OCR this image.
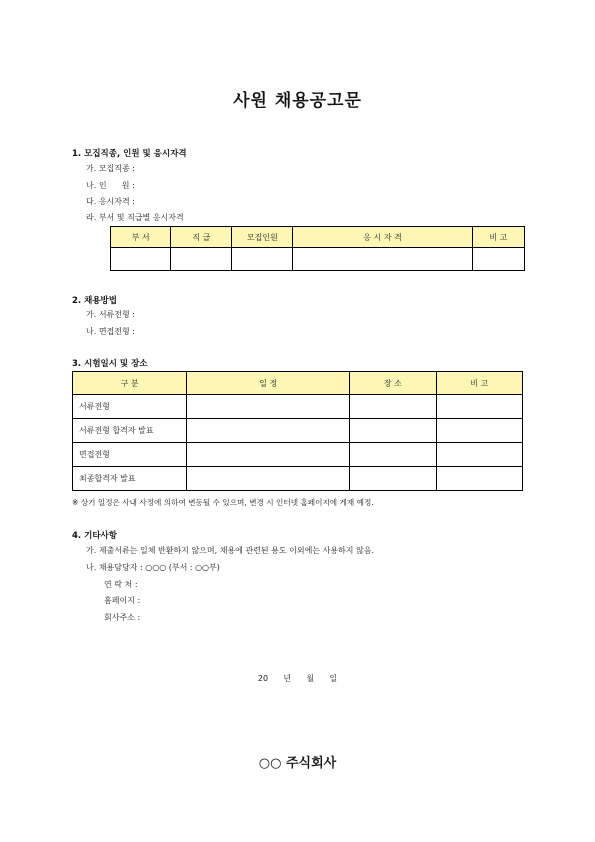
사원 채용공고문
1. 모집직종, 인원 및 응시자격
가. 모집직종 :
나. 인      원 :
다. 응시자격 :
라. 부서 및 직급별 응시자격
부 서	직 급	모집인원	응 시 자 격	비 고

2. 채용방법
가. 서류전형 :
나. 면접전형 :
3. 시험일시 및 장소
구 분	일 정	장 소	비 고
서류전형			
서류전형 합격자 발표			
면접전형			
최종합격자 발표			
※ 상기 일정은 사내 사정에 의하여 변동될 수 있으며, 변경 시 인터넷 홈페이지에 게재 예정.
4. 기타사항
가. 제출서류는 일체 반환하지 않으며, 채용에 관련된 용도 이외에는 사용하지 않음.
나. 채용담당자 : ○○○ (부서 : ○○부)
연 락 처 :
홈페이지 :
회사주소 :
20      년      월      일
○○ 주식회사
